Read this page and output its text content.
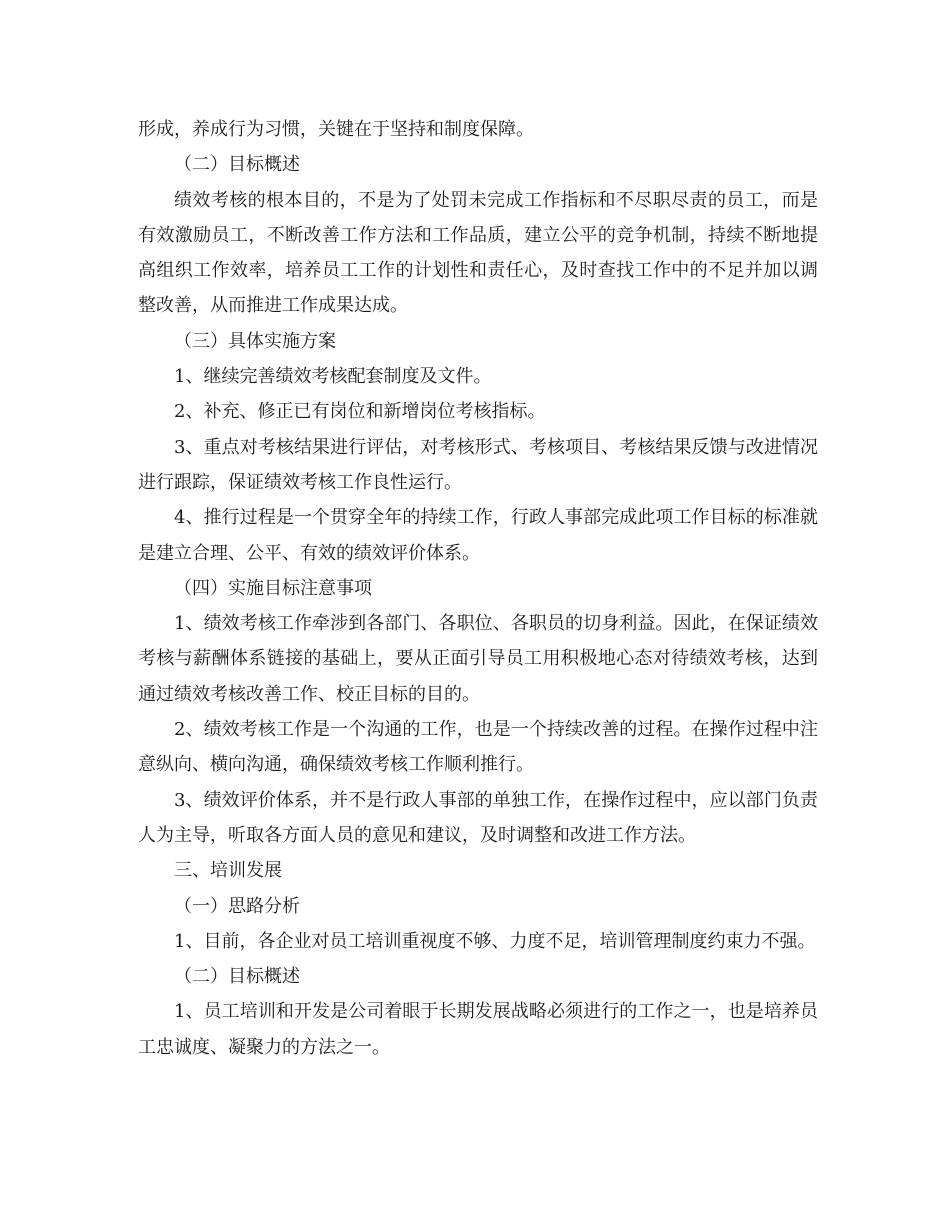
形成，养成行为习惯，关键在于坚持和制度保障。

（二）目标概述

绩效考核的根本目的，不是为了处罚未完成工作指标和不尽职尽责的员工，而是有效激励员工，不断改善工作方法和工作品质，建立公平的竞争机制，持续不断地提高组织工作效率，培养员工工作的计划性和责任心，及时查找工作中的不足并加以调整改善，从而推进工作成果达成。

（三）具体实施方案

1、继续完善绩效考核配套制度及文件。

2、补充、修正已有岗位和新增岗位考核指标。

3、重点对考核结果进行评估，对考核形式、考核项目、考核结果反馈与改进情况进行跟踪，保证绩效考核工作良性运行。

4、推行过程是一个贯穿全年的持续工作，行政人事部完成此项工作目标的标准就是建立合理、公平、有效的绩效评价体系。

（四）实施目标注意事项

1、绩效考核工作牵涉到各部门、各职位、各职员的切身利益。因此，在保证绩效考核与薪酬体系链接的基础上，要从正面引导员工用积极地心态对待绩效考核，达到通过绩效考核改善工作、校正目标的目的。

2、绩效考核工作是一个沟通的工作，也是一个持续改善的过程。在操作过程中注意纵向、横向沟通，确保绩效考核工作顺利推行。

3、绩效评价体系，并不是行政人事部的单独工作，在操作过程中，应以部门负责人为主导，听取各方面人员的意见和建议，及时调整和改进工作方法。

三、培训发展

（一）思路分析

1、目前，各企业对员工培训重视度不够、力度不足，培训管理制度约束力不强。

（二）目标概述

1、员工培训和开发是公司着眼于长期发展战略必须进行的工作之一，也是培养员工忠诚度、凝聚力的方法之一。
